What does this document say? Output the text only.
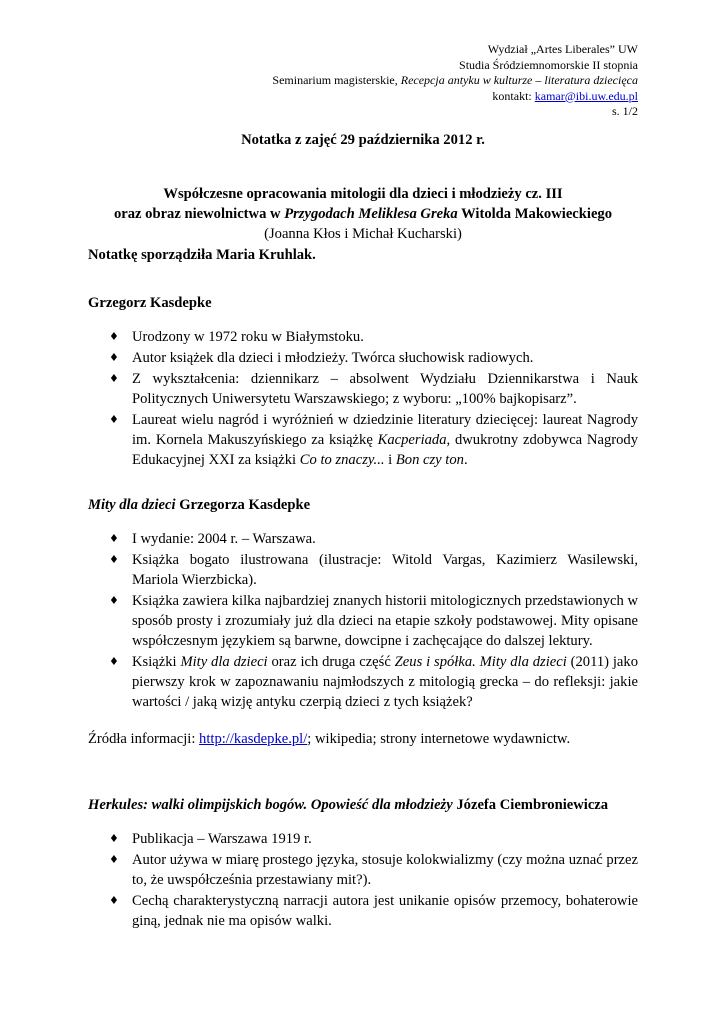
Wydział „Artes Liberales” UW
Studia Śródziemnomorskie II stopnia
Seminarium magisterskie, Recepcja antyku w kulturze – literatura dziecięca
kontakt: kamar@ibi.uw.edu.pl
s. 1/2

Notatka z zajęć 29 października 2012 r.

Współczesne opracowania mitologii dla dzieci i młodzieży cz. III

oraz obraz niewolnictwa w Przygodach Meliklesa Greka Witolda Makowieckiego

(Joanna Kłos i Michał Kucharski)

Notatkę sporządziła Maria Kruhlak.

Grzegorz Kasdepke

♦ Urodzony w 1972 roku w Białymstoku.
♦ Autor książek dla dzieci i młodzieży. Twórca słuchowisk radiowych.
♦ Z wykształcenia: dziennikarz – absolwent Wydziału Dziennikarstwa i Nauk Politycznych Uniwersytetu Warszawskiego; z wyboru: „100% bajkopisarz”.
♦ Laureat wielu nagród i wyróżnień w dziedzinie literatury dziecięcej: laureat Nagrody im. Kornela Makuszyńskiego za książkę Kacperiada, dwukrotny zdobywca Nagrody Edukacyjnej XXI za książki Co to znaczy... i Bon czy ton.

Mity dla dzieci Grzegorza Kasdepke

♦ I wydanie: 2004 r. – Warszawa.
♦ Książka bogato ilustrowana (ilustracje: Witold Vargas, Kazimierz Wasilewski, Mariola Wierzbicka).
♦ Książka zawiera kilka najbardziej znanych historii mitologicznych przedstawionych w sposób prosty i zrozumiały już dla dzieci na etapie szkoły podstawowej. Mity opisane współczesnym językiem są barwne, dowcipne i zachęcające do dalszej lektury.
♦ Książki Mity dla dzieci oraz ich druga część Zeus i spółka. Mity dla dzieci (2011) jako pierwszy krok w zapoznawaniu najmłodszych z mitologią grecka – do refleksji: jakie wartości / jaką wizję antyku czerpią dzieci z tych książek?

Źródła informacji: http://kasdepke.pl/; wikipedia; strony internetowe wydawnictw.

Herkules: walki olimpijskich bogów. Opowieść dla młodzieży Józefa Ciembroniewicza

♦ Publikacja – Warszawa 1919 r.
♦ Autor używa w miarę prostego języka, stosuje kolokwializmy (czy można uznać przez to, że uwspółcześnia przestawiany mit?).
♦ Cechą charakterystyczną narracji autora jest unikanie opisów przemocy, bohaterowie giną, jednak nie ma opisów walki.
